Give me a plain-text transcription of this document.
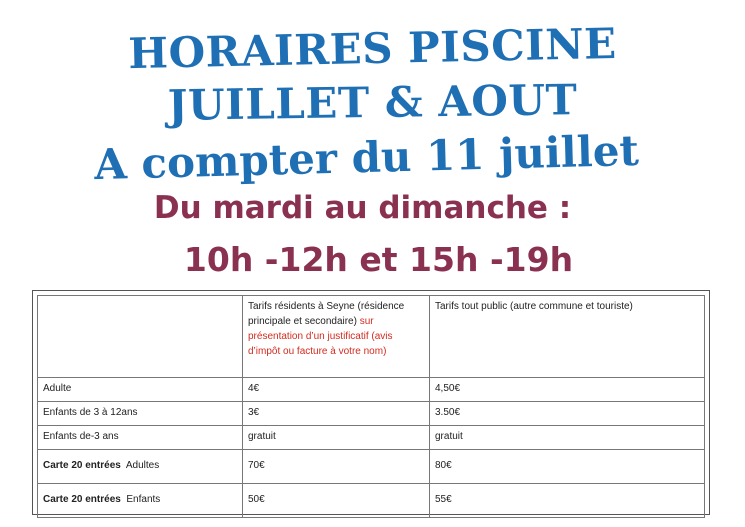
HORAIRES PISCINE
JUILLET & AOUT
A compter du 11 juillet
Du mardi au dimanche :
10h -12h et 15h -19h
	Tarifs résidents à Seyne (résidence principale et secondaire) sur présentation d’un justificatif (avis d’impôt ou facture à votre nom)	Tarifs tout public (autre commune et touriste)
Adulte	4€	4,50€
Enfants de 3 à 12ans	3€	3.50€
Enfants de-3 ans	gratuit	gratuit
Carte 20 entrées  Adultes	70€	80€
Carte 20 entrées  Enfants	50€	55€
